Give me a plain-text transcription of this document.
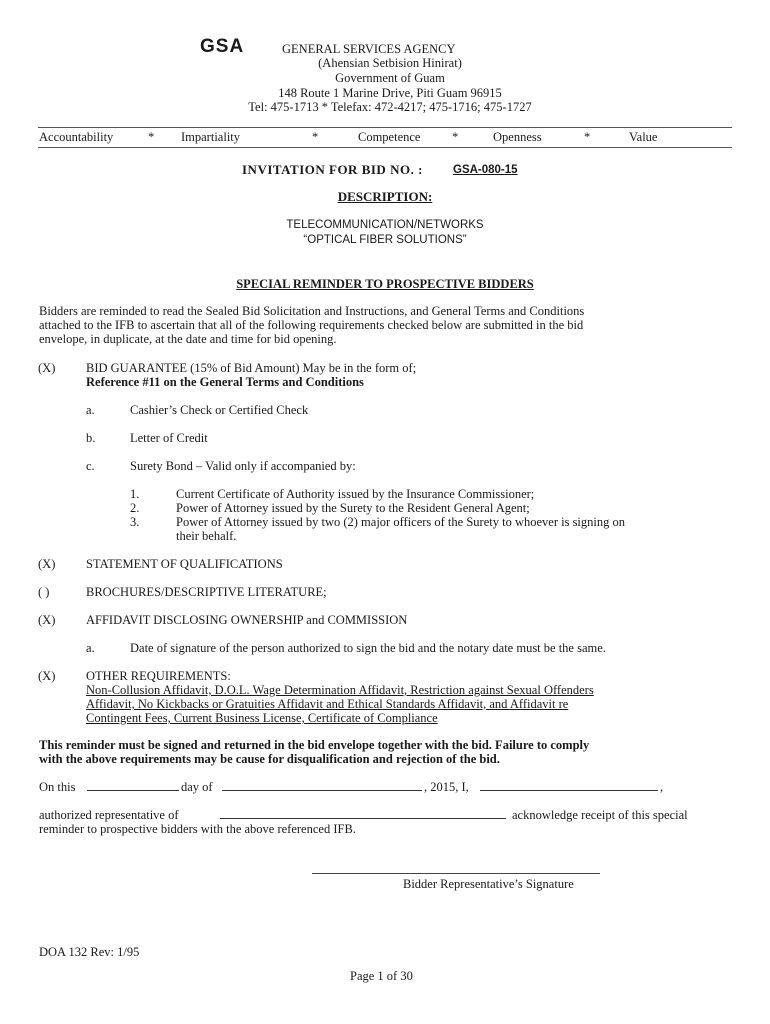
GSA	GENERAL SERVICES AGENCY
(Ahensian Setbision Hinirat)
Government of Guam
148 Route 1 Marine Drive, Piti Guam 96915
Tel: 475-1713 * Telefax: 472-4217; 475-1716; 475-1727
Accountability	* Impartiality	*	Competence	*	Openness	*	Value
INVITATION FOR BID NO. :	GSA-080-15
DESCRIPTION:
TELECOMMUNICATION/NETWORKS
“OPTICAL FIBER SOLUTIONS”
SPECIAL REMINDER TO PROSPECTIVE BIDDERS
Bidders are reminded to read the Sealed Bid Solicitation and Instructions, and General Terms and Conditions
attached to the IFB to ascertain that all of the following requirements checked below are submitted in the bid
envelope, in duplicate, at the date and time for bid opening.
(X) BID GUARANTEE (15% of Bid Amount) May be in the form of;
Reference #11 on the General Terms and Conditions
a.	Cashier’s Check or Certified Check
b.	Letter of Credit
c.	Surety Bond – Valid only if accompanied by:
1.	Current Certificate of Authority issued by the Insurance Commissioner;
2.	Power of Attorney issued by the Surety to the Resident General Agent;
3.	Power of Attorney issued by two (2) major officers of the Surety to whoever is signing on
their behalf.
(X) STATEMENT OF QUALIFICATIONS
( )	BROCHURES/DESCRIPTIVE LITERATURE;
(X) AFFIDAVIT DISCLOSING OWNERSHIP and COMMISSION
a.	Date of signature of the person authorized to sign the bid and the notary date must be the same.
(X) OTHER REQUIREMENTS:
Non-Collusion Affidavit, D.O.L. Wage Determination Affidavit, Restriction against Sexual Offenders
Affidavit, No Kickbacks or Gratuities Affidavit and Ethical Standards Affidavit, and Affidavit re
Contingent Fees, Current Business License, Certificate of Compliance
This reminder must be signed and returned in the bid envelope together with the bid. Failure to comply
with the above requirements may be cause for disqualification and rejection of the bid.
On this	day of	, 2015, I,	,
authorized representative of	acknowledge receipt of this special
reminder to prospective bidders with the above referenced IFB.
Bidder Representative’s Signature
DOA 132 Rev: 1/95
Page 1 of 30
